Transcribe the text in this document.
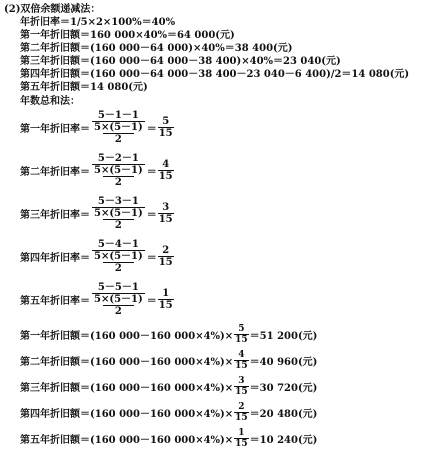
(2)双倍余额递减法：
年折旧率＝1/5×2×100%＝40%
第一年折旧额＝160 000×40%＝64 000(元)
第二年折旧额＝(160 000－64 000)×40%＝38 400(元)
第三年折旧额＝(160 000－64 000－38 400)×40%＝23 040(元)
第四年折旧额＝(160 000－64 000－38 400－23 040－6 400)/2＝14 080(元)
第五年折旧额＝14 080(元)
年数总和法：
第一年折旧率＝
5－1－1
5×(5－1)
2
＝
5
15
第二年折旧率＝
5－2－1
5×(5－1)
2
＝
4
15
第三年折旧率＝
5－3－1
5×(5－1)
2
＝
3
15
第四年折旧率＝
5－4－1
5×(5－1)
2
＝
2
15
第五年折旧率＝
5－5－1
5×(5－1)
2
＝
1
15
第一年折旧额＝(160 000－160 $000\times 4\%)\times \frac{5}{15} =51$ 200(元)
第二年折旧额＝(160 000－160 $000\times 4\%)\times \frac{4}{15} =40$ 960(元)
第三年折旧额＝(160 000－160 $000\times 4\%)\times \frac{3}{15} =30$ 720(元)
第四年折旧额＝(160 000－160 $000\times 4\%)\times \frac{2}{15} =20$ 480(元)
第五年折旧额＝(160 000－160 $000\times 4\%)\times \frac{1}{15} =10$ 240(元)
